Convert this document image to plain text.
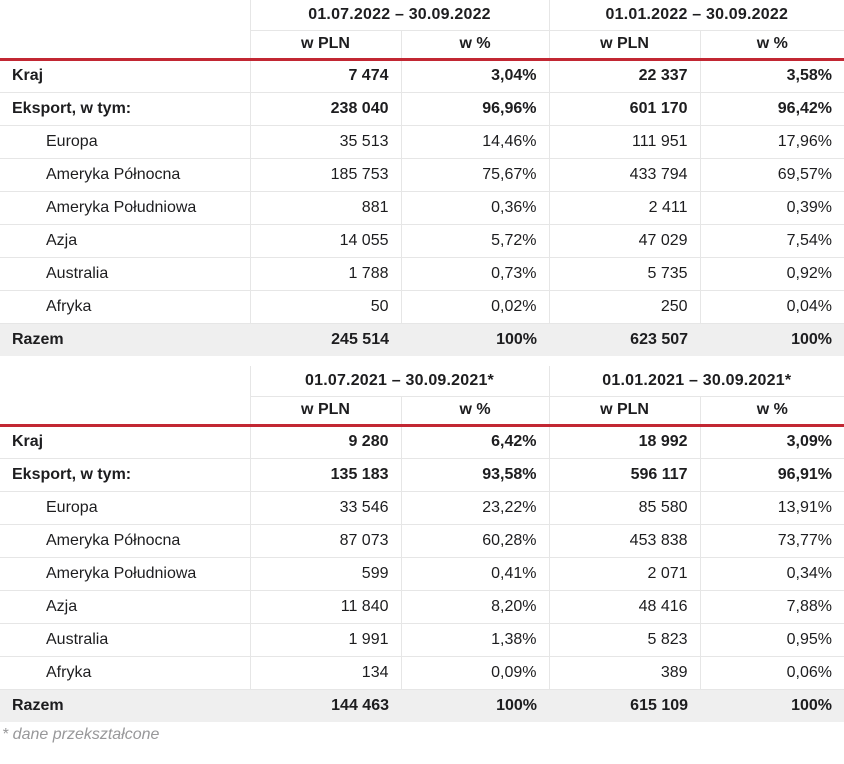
	01.07.2022 – 30.09.2022		01.01.2022 – 30.09.2022	
	w PLN	w %	w PLN	w %
Kraj	7 474	3,04%	22 337	3,58%
Eksport, w tym:	238 040	96,96%	601 170	96,42%
Europa	35 513	14,46%	111 951	17,96%
Ameryka Północna	185 753	75,67%	433 794	69,57%
Ameryka Południowa	881	0,36%	2 411	0,39%
Azja	14 055	5,72%	47 029	7,54%
Australia	1 788	0,73%	5 735	0,92%
Afryka	50	0,02%	250	0,04%
Razem	245 514	100%	623 507	100%
	01.07.2021 – 30.09.2021*		01.01.2021 – 30.09.2021*	
	w PLN	w %	w PLN	w %
Kraj	9 280	6,42%	18 992	3,09%
Eksport, w tym:	135 183	93,58%	596 117	96,91%
Europa	33 546	23,22%	85 580	13,91%
Ameryka Północna	87 073	60,28%	453 838	73,77%
Ameryka Południowa	599	0,41%	2 071	0,34%
Azja	11 840	8,20%	48 416	7,88%
Australia	1 991	1,38%	5 823	0,95%
Afryka	134	0,09%	389	0,06%
Razem	144 463	100%	615 109	100%
* dane przekształcone
